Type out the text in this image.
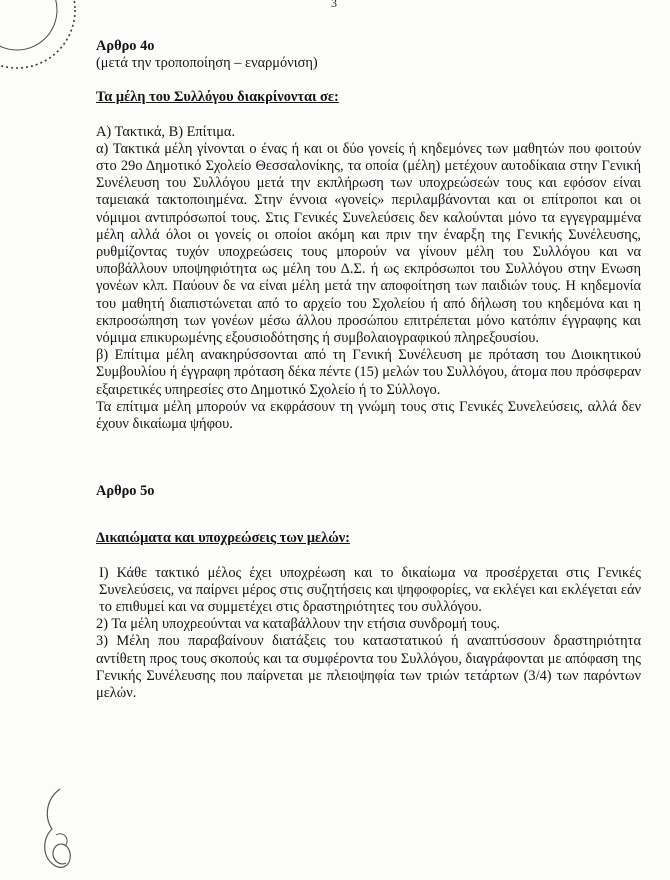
3

Αρθρο 4ο

(μετά την τροποποίηση – εναρμόνιση)

Τα μέλη του Συλλόγου διακρίνονται σε:

Α) Τακτικά, Β) Επίτιμα.

α) Τακτικά μέλη γίνονται ο ένας ή και οι δύο γονείς ή κηδεμόνες των μαθητών που φοιτούν στο 29ο Δημοτικό Σχολείο Θεσσαλονίκης, τα οποία (μέλη) μετέχουν αυτοδίκαια στην Γενική Συνέλευση του Συλλόγου μετά την εκπλήρωση των υποχρεώσεών τους και εφόσον είναι ταμειακά τακτοποιημένα. Στην έννοια «γονείς» περιλαμβάνονται και οι επίτροποι και οι νόμιμοι αντιπρόσωποί τους. Στις Γενικές Συνελεύσεις δεν καλούνται μόνο τα εγγεγραμμένα μέλη αλλά όλοι οι γονείς οι οποίοι ακόμη και πριν την έναρξη της Γενικής Συνέλευσης, ρυθμίζοντας τυχόν υποχρεώσεις τους μπορούν να γίνουν μέλη του Συλλόγου και να υποβάλλουν υποψηφιότητα ως μέλη του Δ.Σ. ή ως εκπρόσωποι του Συλλόγου στην Ενωση γονέων κλπ. Παύουν δε να είναι μέλη μετά την αποφοίτηση των παιδιών τους. Η κηδεμονία του μαθητή διαπιστώνεται από το αρχείο του Σχολείου ή από δήλωση του κηδεμόνα και η εκπροσώπηση των γονέων μέσω άλλου προσώπου επιτρέπεται μόνο κατόπιν έγγραφης και νόμιμα επικυρωμένης εξουσιοδότησης ή συμβολαιογραφικού πληρεξουσίου.

β) Επίτιμα μέλη ανακηρύσσονται από τη Γενική Συνέλευση με πρόταση του Διοικητικού Συμβουλίου ή έγγραφη πρόταση δέκα πέντε (15) μελών του Συλλόγου, άτομα που πρόσφεραν εξαιρετικές υπηρεσίες στο Δημοτικό Σχολείο ή το Σύλλογο.

Τα επίτιμα μέλη μπορούν να εκφράσουν τη γνώμη τους στις Γενικές Συνελεύσεις, αλλά δεν έχουν δικαίωμα ψήφου.

Αρθρο 5ο

Δικαιώματα και υποχρεώσεις των μελών:

I) Κάθε τακτικό μέλος έχει υποχρέωση και το δικαίωμα να προσέρχεται στις Γενικές Συνελεύσεις, να παίρνει μέρος στις συζητήσεις και ψηφοφορίες, να εκλέγει και εκλέγεται εάν το επιθυμεί και να συμμετέχει στις δραστηριότητες του συλλόγου.

2) Τα μέλη υποχρεούνται να καταβάλλουν την ετήσια συνδρομή τους.

3) Μέλη που παραβαίνουν διατάξεις του καταστατικού ή αναπτύσσουν δραστηριότητα αντίθετη προς τους σκοπούς και τα συμφέροντα του Συλλόγου, διαγράφονται με απόφαση της Γενικής Συνέλευσης που παίρνεται με πλειοψηφία των τριών τετάρτων (3/4) των παρόντων μελών.
